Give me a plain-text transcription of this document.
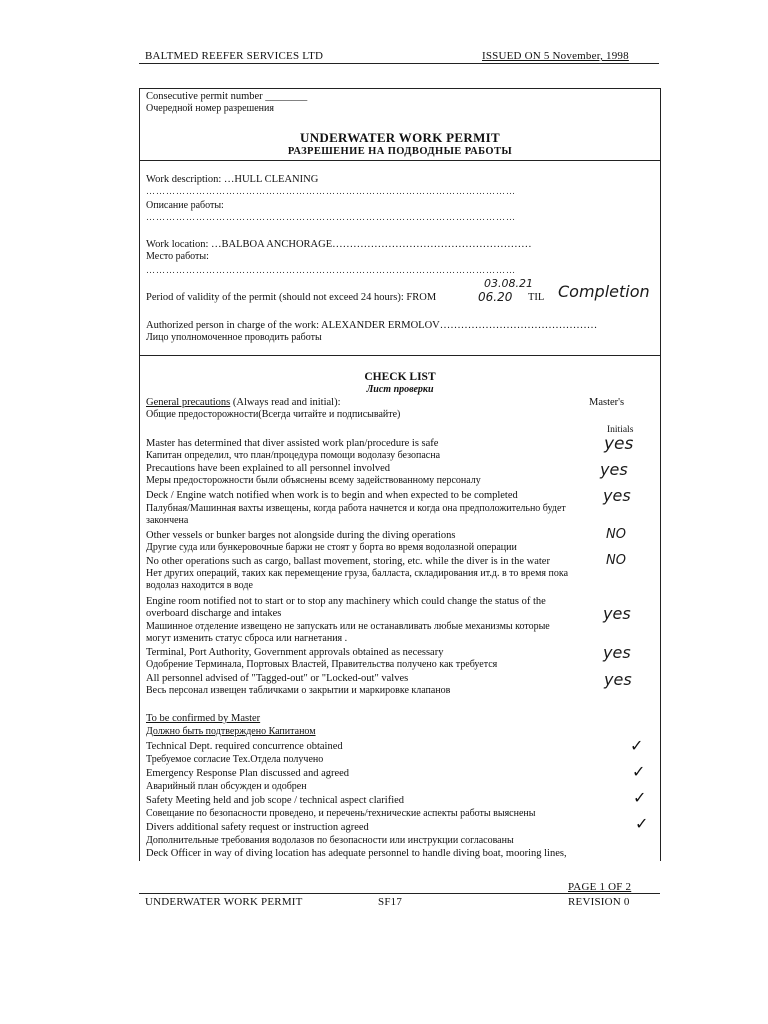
BALTMED REEFER SERVICES LTD	ISSUED ON 5 November, 1998
Consecutive permit number ________
Очередной номер разрешения
UNDERWATER WORK PERMIT
РАЗРЕШЕНИЕ НА ПОДВОДНЫЕ РАБОТЫ
Work description: …HULL CLEANING
…………………………………………………………………………………………………
Описание работы:
…………………………………………………………………………………………………
Work location: …BALBOA ANCHORAGE…………………………………………………
Место работы:
…………………………………………………………………………………………………
03.08.21
Period of validity of the permit (should not exceed 24 hours): FROM	06.20 TIL Completion
Authorized person in charge of the work: ALEXANDER ERMOLOV………………………………………
Лицо уполномоченное проводить работы
CHECK LIST
Лист проверки
General precautions (Always read and initial):
Общие предосторожности(Всегда читайте и подписывайте)
Master's
Initials
Master has determined that diver assisted work plan/procedure is safe
Капитан определил, что план/процедура помощи водолазу безопасна
yes
Precautions have been explained to all personnel involved
Меры предосторожности были объяснены всему задействованному персоналу
yes
Deck / Engine watch notified when work is to begin and when expected to be completed
Палубная/Машинная вахты извещены, когда работа начнется и когда она предположительно будет
закончена
yes
Other vessels or bunker barges not alongside during the diving operations
Другие суда или бункеровочные баржи не стоят у борта во время водолазной операции
NO
No other operations such as cargo, ballast movement, storing, etc. while the diver is in the water
Нет других операций, таких как перемещение груза, балласта, складирования ит.д. в то время пока
водолаз находится в воде
NO
Engine room notified not to start or to stop any machinery which could change the status of the
overboard discharge and intakes
Машинное отделение извещено не запускать или не останавливать любые механизмы которые
могут изменить статус сброса или нагнетания .
yes
Terminal, Port Authority, Government approvals obtained as necessary
Одобрение Терминала, Портовых Властей, Правительства получено как требуется
yes
All personnel advised of "Tagged-out" or "Locked-out" valves
Весь персонал извещен табличками о закрытии и маркировке клапанов
yes
To be confirmed by Master
Должно быть подтверждено Капитаном
Technical Dept. required concurrence obtained
Требуемое согласие Тех.Отдела получено
✓
Emergency Response Plan discussed and agreed
Аварийный план обсужден и одобрен
✓
Safety Meeting held and job scope / technical aspect clarified
Совещание по безопасности проведено, и перечень/технические аспекты работы выяснены
✓
Divers additional safety request or instruction agreed
Дополнительные требования водолазов по безопасности или инструкции согласованы
✓
Deck Officer in way of diving location has adequate personnel to handle diving boat, mooring lines,
PAGE 1 OF 2
UNDERWATER WORK PERMIT	SF17	REVISION 0
